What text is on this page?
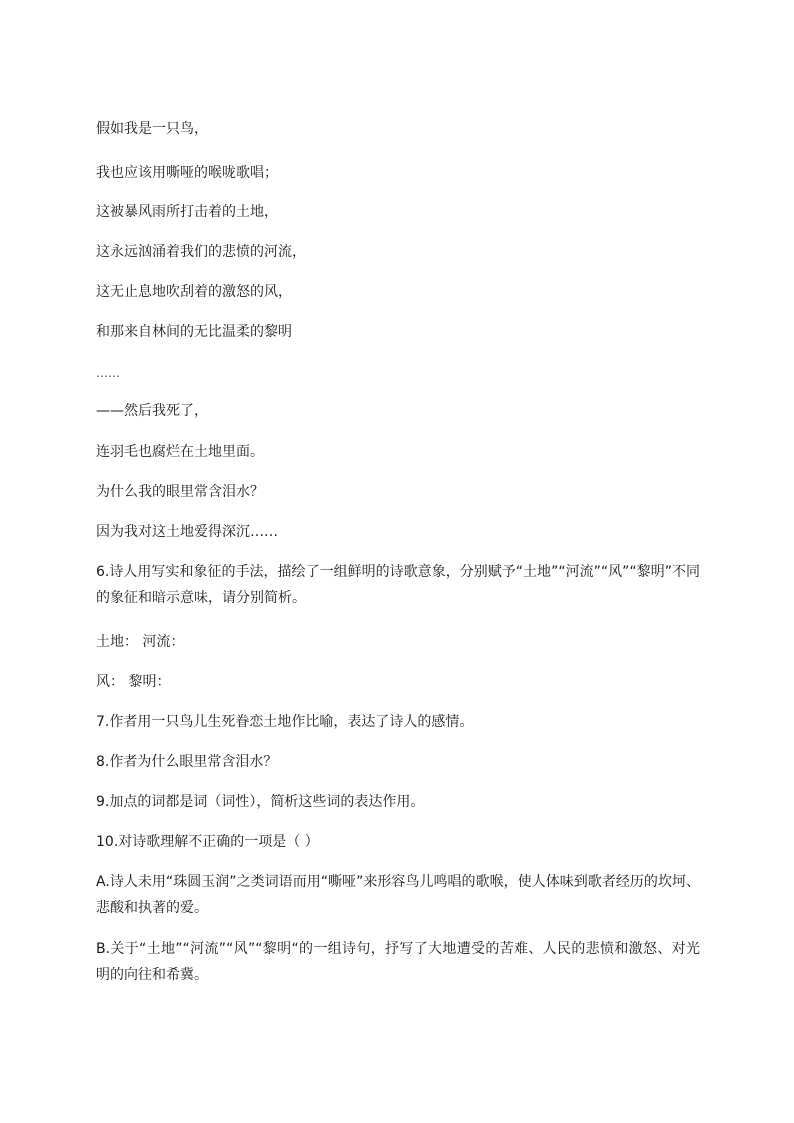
假如我是一只鸟，
我也应该用嘶哑的喉咙歌唱；
这被暴风雨所打击着的土地，
这永远汹涌着我们的悲愤的河流，
这无止息地吹刮着的激怒的风，
和那来自林间的无比温柔的黎明
……
——然后我死了，
连羽毛也腐烂在土地里面。
为什么我的眼里常含泪水？
因为我对这土地爱得深沉……
6.诗人用写实和象征的手法，描绘了一组鲜明的诗歌意象，分别赋予“土地”“河流”“风”“黎明”不同的象征和暗示意味，请分别简析。
土地： 河流：
风： 黎明：
7.作者用一只鸟儿生死眷恋土地作比喻，表达了诗人的感情。
8.作者为什么眼里常含泪水？
9.加点的词都是词（词性），简析这些词的表达作用。
10.对诗歌理解不正确的一项是（ ）
A.诗人未用“珠圆玉润”之类词语而用“嘶哑”来形容鸟儿鸣唱的歌喉，使人体味到歌者经历的坎坷、悲酸和执著的爱。
B.关于“土地”“河流”“风”“黎明“的一组诗句，抒写了大地遭受的苦难、人民的悲愤和激怒、对光明的向往和希冀。
